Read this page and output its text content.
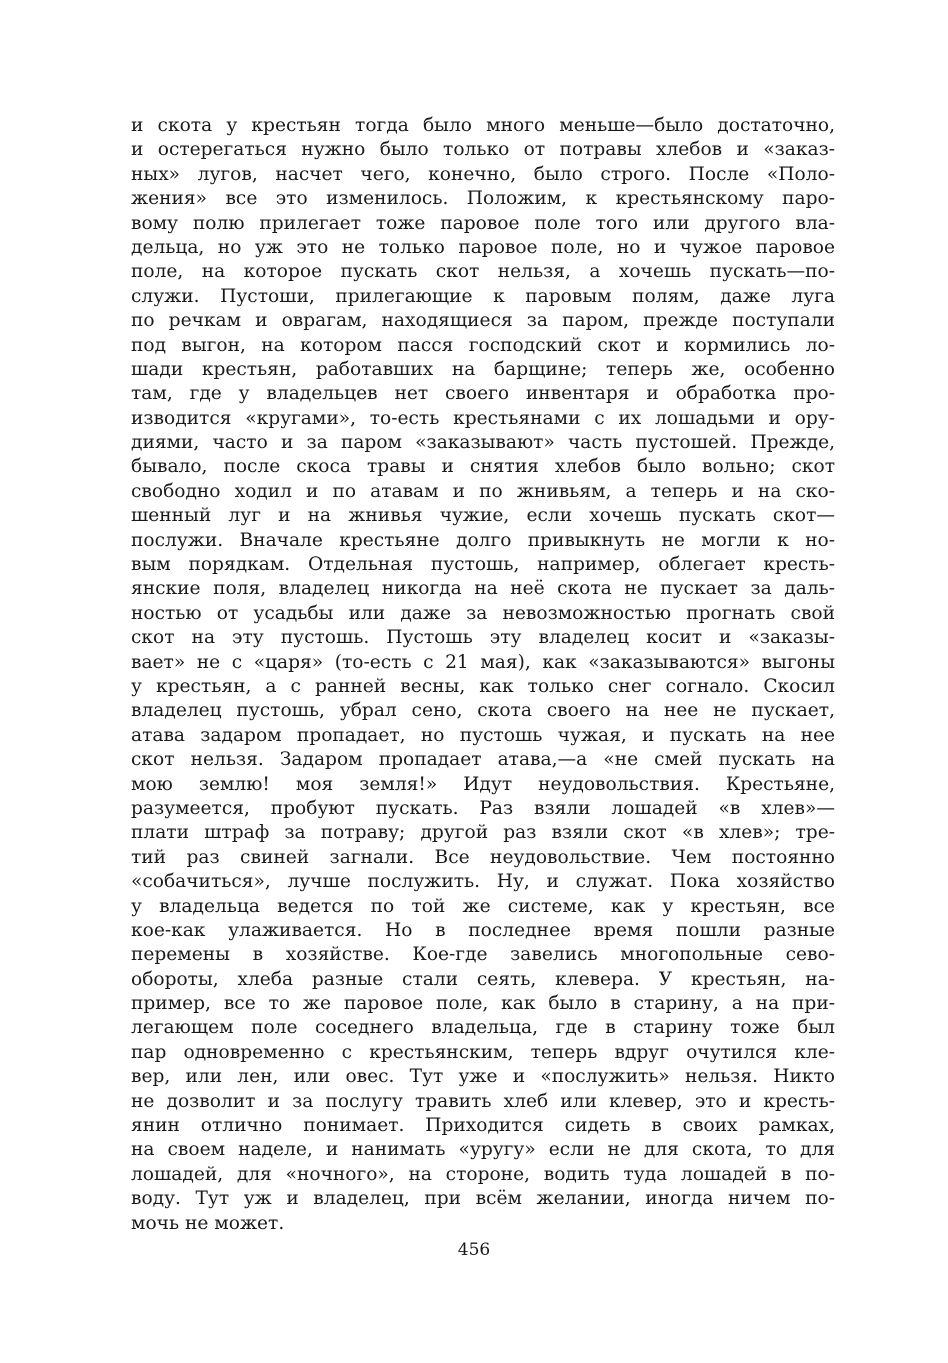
и скота у крестьян тогда было много меньше—было достаточно,
и остерегаться нужно было только от потравы хлебов и «заказ-
ных» лугов, насчет чего, конечно, было строго. После «Поло-
жения» все это изменилось. Положим, к крестьянскому паро-
вому полю прилегает тоже паровое поле того или другого вла-
дельца, но уж это не только паровое поле, но и чужое паровое
поле, на которое пускать скот нельзя, а хочешь пускать—по-
служи. Пустоши, прилегающие к паровым полям, даже луга
по речкам и оврагам, находящиеся за паром, прежде поступали
под выгон, на котором пасся господский скот и кормились ло-
шади крестьян, работавших на барщине; теперь же, особенно
там, где у владельцев нет своего инвентаря и обработка про-
изводится «кругами», то-есть крестьянами с их лошадьми и ору-
диями, часто и за паром «заказывают» часть пустошей. Прежде,
бывало, после скоса травы и снятия хлебов было вольно; скот
свободно ходил и по атавам и по жнивьям, а теперь и на ско-
шенный луг и на жнивья чужие, если хочешь пускать скот—
послужи. Вначале крестьяне долго привыкнуть не могли к но-
вым порядкам. Отдельная пустошь, например, облегает кресть-
янские поля, владелец никогда на неё скота не пускает за даль-
ностью от усадьбы или даже за невозможностью прогнать свой
скот на эту пустошь. Пустошь эту владелец косит и «заказы-
вает» не с «царя» (то-есть с 21 мая), как «заказываются» выгоны
у крестьян, а с ранней весны, как только снег согнало. Скосил
владелец пустошь, убрал сено, скота своего на нее не пускает,
атава задаром пропадает, но пустошь чужая, и пускать на нее
скот нельзя. Задаром пропадает атава,—а «не смей пускать на
мою землю! моя земля!» Идут неудовольствия. Крестьяне,
разумеется, пробуют пускать. Раз взяли лошадей «в хлев»—
плати штраф за потраву; другой раз взяли скот «в хлев»; тре-
тий раз свиней загнали. Все неудовольствие. Чем постоянно
«собачиться», лучше послужить. Ну, и служат. Пока хозяйство
у владельца ведется по той же системе, как у крестьян, все
кое-как улаживается. Но в последнее время пошли разные
перемены в хозяйстве. Кое-где завелись многопольные сево-
обороты, хлеба разные стали сеять, клевера. У крестьян, на-
пример, все то же паровое поле, как было в старину, а на при-
легающем поле соседнего владельца, где в старину тоже был
пар одновременно с крестьянским, теперь вдруг очутился кле-
вер, или лен, или овес. Тут уже и «послужить» нельзя. Никто
не дозволит и за послугу травить хлеб или клевер, это и кресть-
янин отлично понимает. Приходится сидеть в своих рамках,
на своем наделе, и нанимать «уругу» если не для скота, то для
лошадей, для «ночного», на стороне, водить туда лошадей в по-
воду. Тут уж и владелец, при всём желании, иногда ничем по-
мочь не может.
456
